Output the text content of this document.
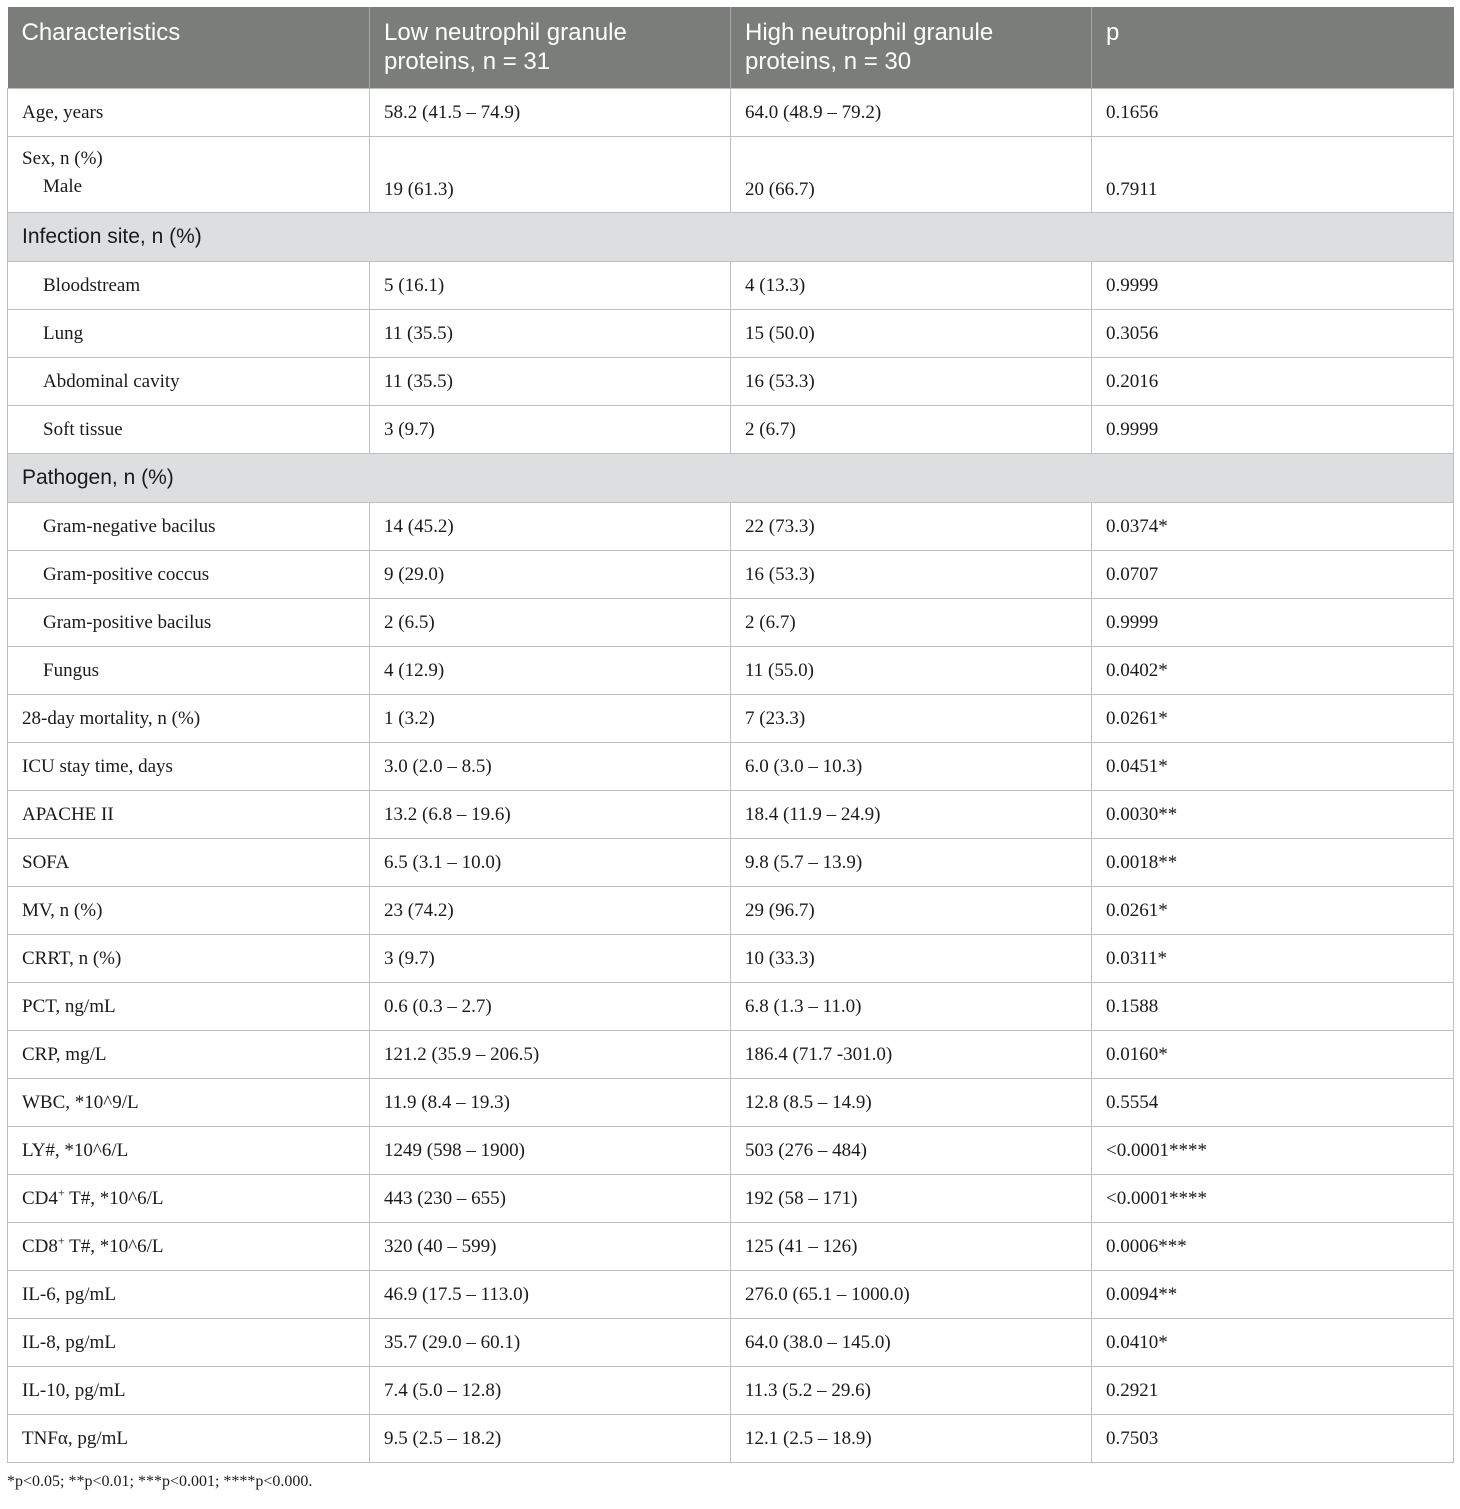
Characteristics	Low neutrophil granule proteins, n = 31	High neutrophil granule proteins, n = 30	p
Age, years	58.2 (41.5 – 74.9)	64.0 (48.9 – 79.2)	0.1656

Sex, n (%)
Male	19 (61.3)	20 (66.7)	0.7911
Infection site, n (%)			
Bloodstream	5 (16.1)	4 (13.3)	0.9999
Lung	11 (35.5)	15 (50.0)	0.3056
Abdominal cavity	11 (35.5)	16 (53.3)	0.2016
Soft tissue	3 (9.7)	2 (6.7)	0.9999
Pathogen, n (%)			
Gram-negative bacilus	14 (45.2)	22 (73.3)	0.0374*
Gram-positive coccus	9 (29.0)	16 (53.3)	0.0707
Gram-positive bacilus	2 (6.5)	2 (6.7)	0.9999
Fungus	4 (12.9)	11 (55.0)	0.0402*
28-day mortality, n (%)	1 (3.2)	7 (23.3)	0.0261*
ICU stay time, days	3.0 (2.0 – 8.5)	6.0 (3.0 – 10.3)	0.0451*
APACHE II	13.2 (6.8 – 19.6)	18.4 (11.9 – 24.9)	0.0030**
SOFA	6.5 (3.1 – 10.0)	9.8 (5.7 – 13.9)	0.0018**
MV, n (%)	23 (74.2)	29 (96.7)	0.0261*
CRRT, n (%)	3 (9.7)	10 (33.3)	0.0311*
PCT, ng/mL	0.6 (0.3 – 2.7)	6.8 (1.3 – 11.0)	0.1588
CRP, mg/L	121.2 (35.9 – 206.5)	186.4 (71.7 -301.0)	0.0160*
WBC, *10^9/L	11.9 (8.4 – 19.3)	12.8 (8.5 – 14.9)	0.5554
LY#, *10^6/L	1249 (598 – 1900)	503 (276 – 484)	<0.0001****
CD4+ T#, *10^6/L	443 (230 – 655)	192 (58 – 171)	<0.0001****
CD8+ T#, *10^6/L	320 (40 – 599)	125 (41 – 126)	0.0006***
IL-6, pg/mL	46.9 (17.5 – 113.0)	276.0 (65.1 – 1000.0)	0.0094**
IL-8, pg/mL	35.7 (29.0 – 60.1)	64.0 (38.0 – 145.0)	0.0410*
IL-10, pg/mL	7.4 (5.0 – 12.8)	11.3 (5.2 – 29.6)	0.2921
TNFα, pg/mL	9.5 (2.5 – 18.2)	12.1 (2.5 – 18.9)	0.7503
*p<0.05; **p<0.01; ***p<0.001; ****p<0.000.
